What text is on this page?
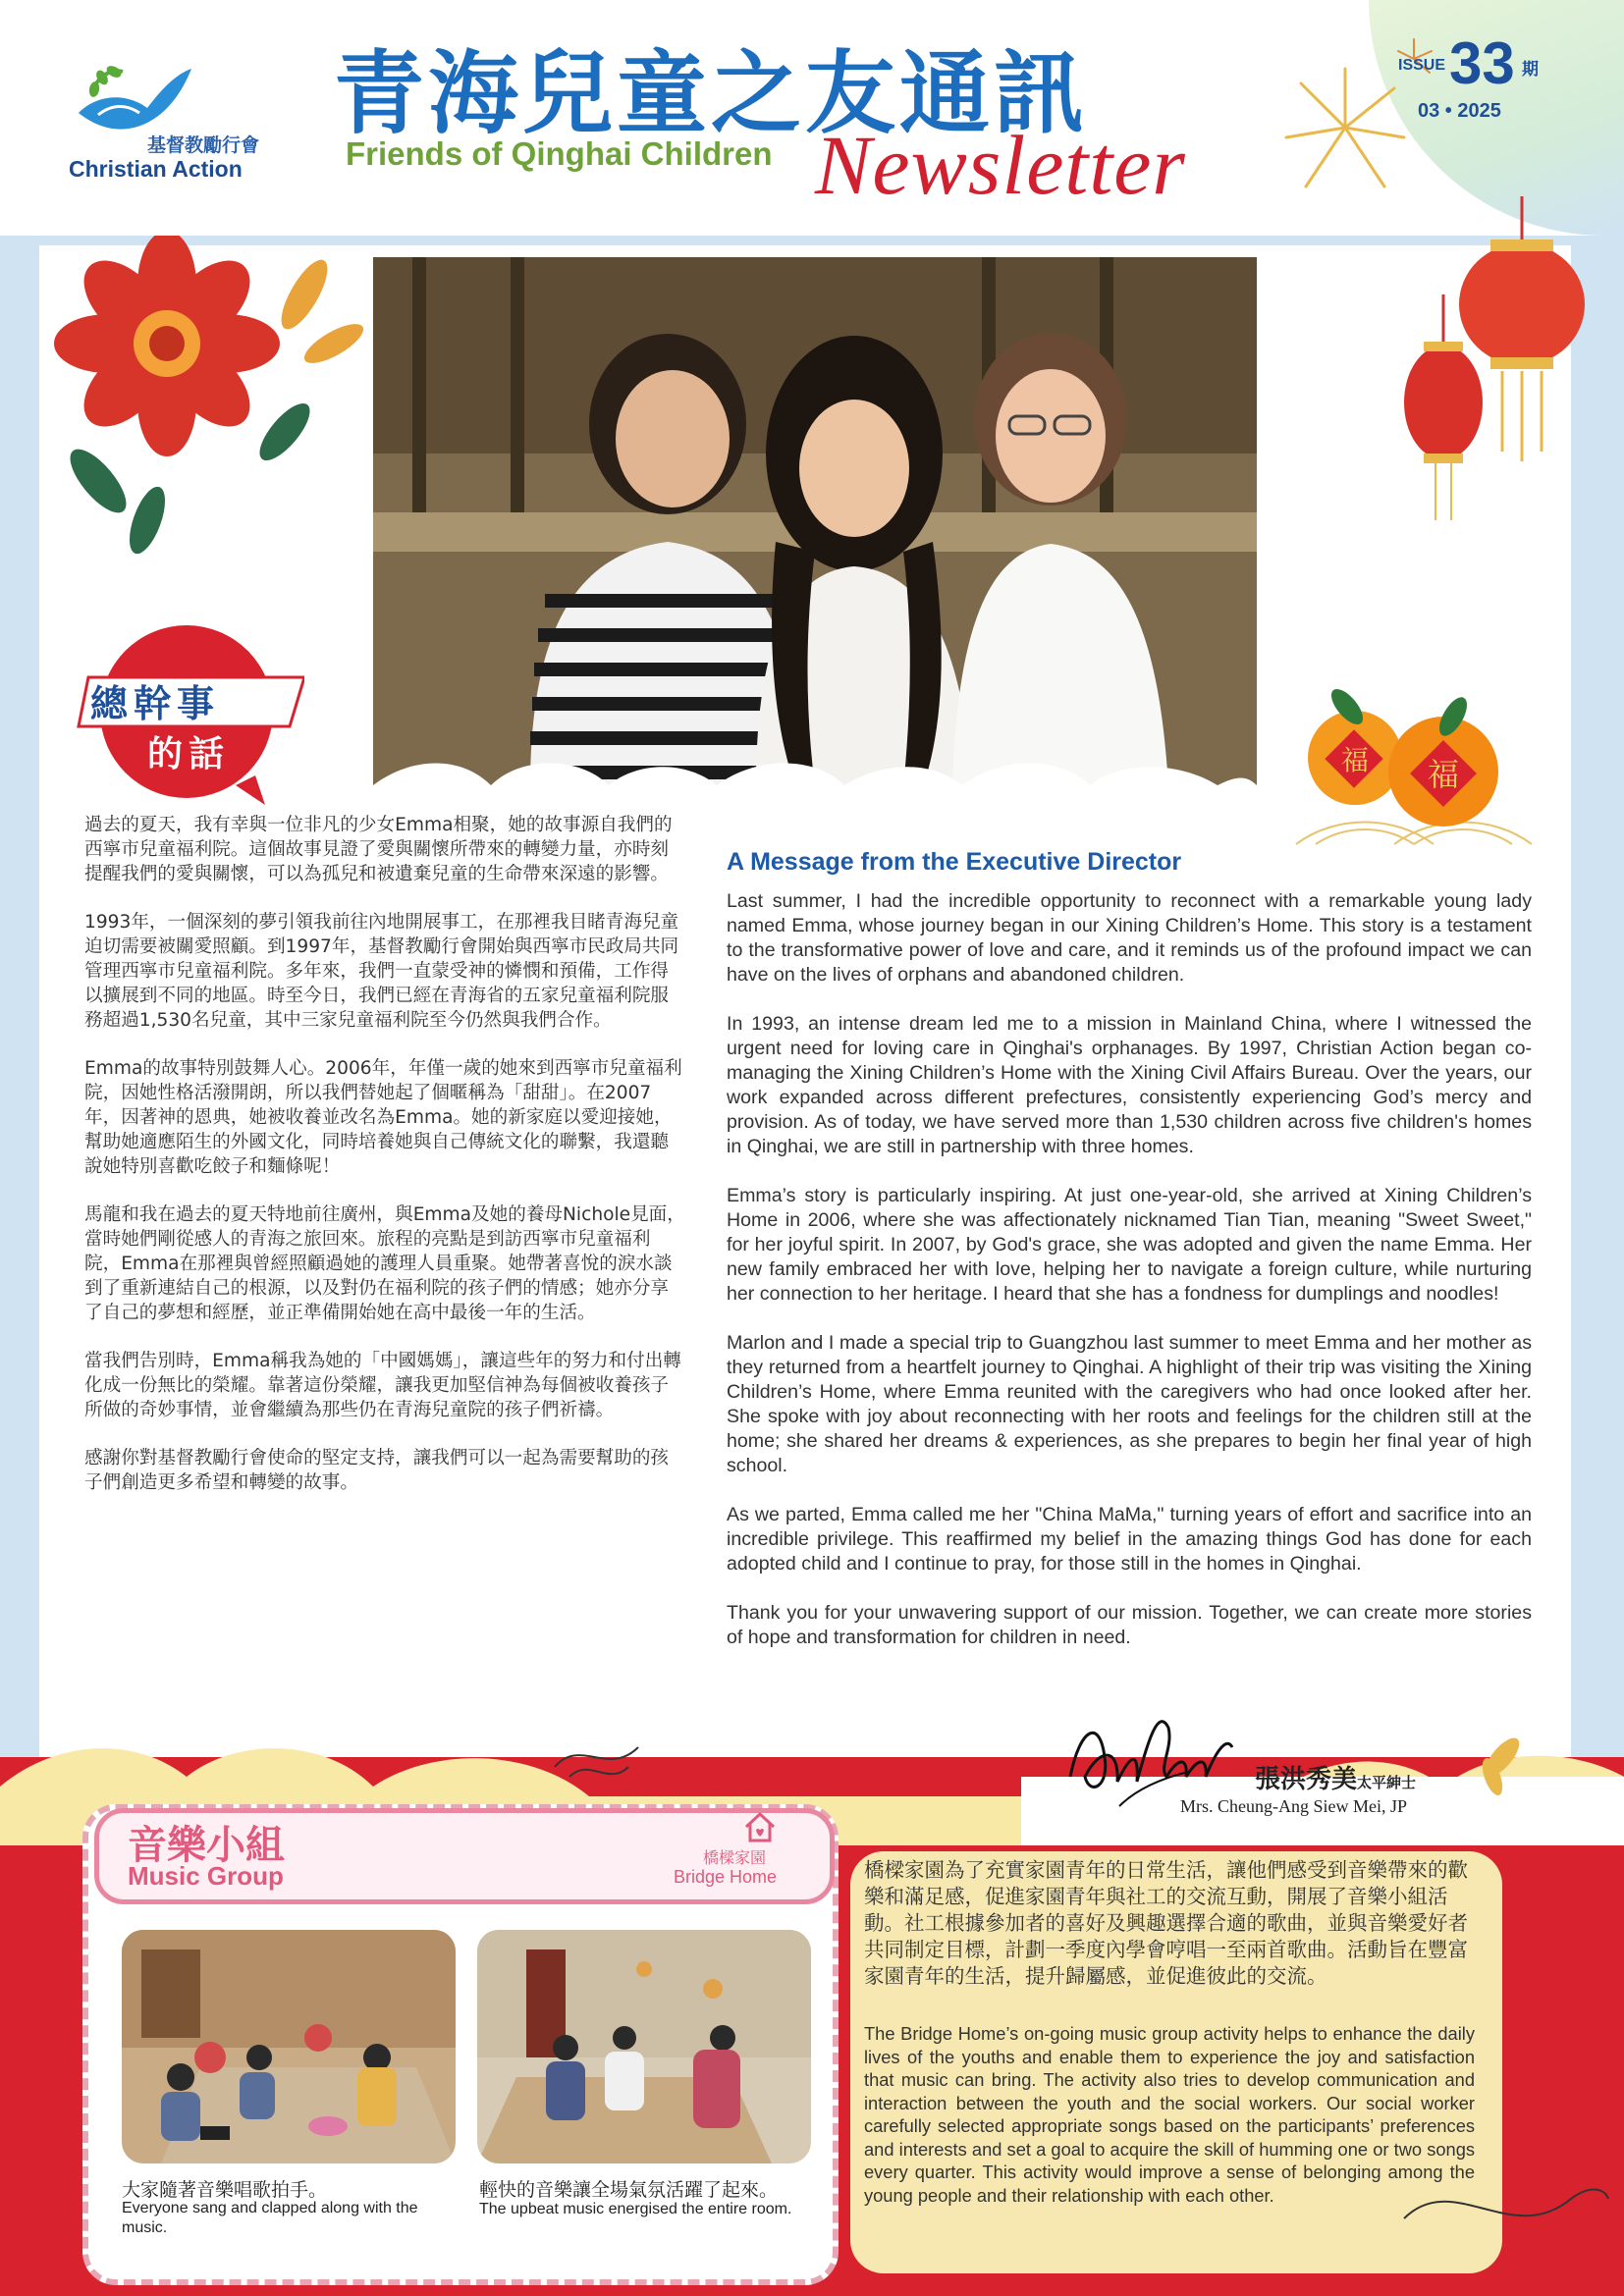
基督教勵行會
Christian Action
青海兒童之友通訊
Friends of Qinghai Children Newsletter
ISSUE 33 期
03 • 2025
福 福
總幹事
的話

過去的夏天，我有幸與一位非凡的少女Emma相聚，她的故事源自我們的西寧市兒童福利院。這個故事見證了愛與關懷所帶來的轉變力量，亦時刻提醒我們的愛與關懷，可以為孤兒和被遺棄兒童的生命帶來深遠的影響。

1993年，一個深刻的夢引領我前往內地開展事工，在那裡我目睹青海兒童迫切需要被關愛照顧。到1997年，基督教勵行會開始與西寧市民政局共同管理西寧市兒童福利院。多年來，我們一直蒙受神的憐憫和預備，工作得以擴展到不同的地區。時至今日，我們已經在青海省的五家兒童福利院服務超過1,530名兒童，其中三家兒童福利院至今仍然與我們合作。

Emma的故事特別鼓舞人心。2006年，年僅一歲的她來到西寧市兒童福利院，因她性格活潑開朗，所以我們替她起了個暱稱為「甜甜」。在2007年，因著神的恩典，她被收養並改名為Emma。她的新家庭以愛迎接她，幫助她適應陌生的外國文化，同時培養她與自己傳統文化的聯繫，我還聽說她特別喜歡吃餃子和麵條呢！

馬龍和我在過去的夏天特地前往廣州，與Emma及她的養母Nichole見面，當時她們剛從感人的青海之旅回來。旅程的亮點是到訪西寧市兒童福利院，Emma在那裡與曾經照顧過她的護理人員重聚。她帶著喜悅的淚水談到了重新連結自己的根源，以及對仍在福利院的孩子們的情感；她亦分享了自己的夢想和經歷，並正準備開始她在高中最後一年的生活。

當我們告別時，Emma稱我為她的「中國媽媽」，讓這些年的努力和付出轉化成一份無比的榮耀。靠著這份榮耀，讓我更加堅信神為每個被收養孩子所做的奇妙事情，並會繼續為那些仍在青海兒童院的孩子們祈禱。

感謝你對基督教勵行會使命的堅定支持，讓我們可以一起為需要幫助的孩子們創造更多希望和轉變的故事。

A Message from the Executive Director

Last summer, I had the incredible opportunity to reconnect with a remarkable young lady named Emma, whose journey began in our Xining Children’s Home. This story is a testament to the transformative power of love and care, and it reminds us of the profound impact we can have on the lives of orphans and abandoned children.

In 1993, an intense dream led me to a mission in Mainland China, where I witnessed the urgent need for loving care in Qinghai's orphanages. By 1997, Christian Action began co-managing the Xining Children’s Home with the Xining Civil Affairs Bureau. Over the years, our work expanded across different prefectures, consistently experiencing God’s mercy and provision. As of today, we have served more than 1,530 children across five children's homes in Qinghai, we are still in partnership with three homes.

Emma’s story is particularly inspiring. At just one-year-old, she arrived at Xining Children’s Home in 2006, where she was affectionately nicknamed Tian Tian, meaning "Sweet Sweet," for her joyful spirit. In 2007, by God's grace, she was adopted and given the name Emma. Her new family embraced her with love, helping her to navigate a foreign culture, while nurturing her connection to her heritage. I heard that she has a fondness for dumplings and noodles!

Marlon and I made a special trip to Guangzhou last summer to meet Emma and her mother as they returned from a heartfelt journey to Qinghai. A highlight of their trip was visiting the Xining Children’s Home, where Emma reunited with the caregivers who had once looked after her. She spoke with joy about reconnecting with her roots and feelings for the children still at the home; she shared her dreams & experiences, as she prepares to begin her final year of high school.

As we parted, Emma called me her "China MaMa," turning years of effort and sacrifice into an incredible privilege. This reaffirmed my belief in the amazing things God has done for each adopted child and I continue to pray, for those still in the homes in Qinghai.

Thank you for your unwavering support of our mission. Together, we can create more stories of hope and transformation for children in need.

張洪秀美太平紳士
Mrs. Cheung-Ang Siew Mei, JP
音樂小組
Music Group
橋樑家園
Bridge Home
大家隨著音樂唱歌拍手。
Everyone sang and clapped along with the music.
輕快的音樂讓全場氣氛活躍了起來。
The upbeat music energised the entire room.
橋樑家園為了充實家園青年的日常生活，讓他們感受到音樂帶來的歡樂和滿足感，促進家園青年與社工的交流互動，開展了音樂小組活動。社工根據參加者的喜好及興趣選擇合適的歌曲，並與音樂愛好者共同制定目標，計劃一季度內學會哼唱一至兩首歌曲。活動旨在豐富家園青年的生活，提升歸屬感，並促進彼此的交流。
The Bridge Home’s on-going music group activity helps to enhance the daily lives of the youths and enable them to experience the joy and satisfaction that music can bring. The activity also tries to develop communication and interaction between the youth and the social workers. Our social worker carefully selected appropriate songs based on the participants’ preferences and interests and set a goal to acquire the skill of humming one or two songs every quarter. This activity would improve a sense of belonging among the young people and their relationship with each other.
